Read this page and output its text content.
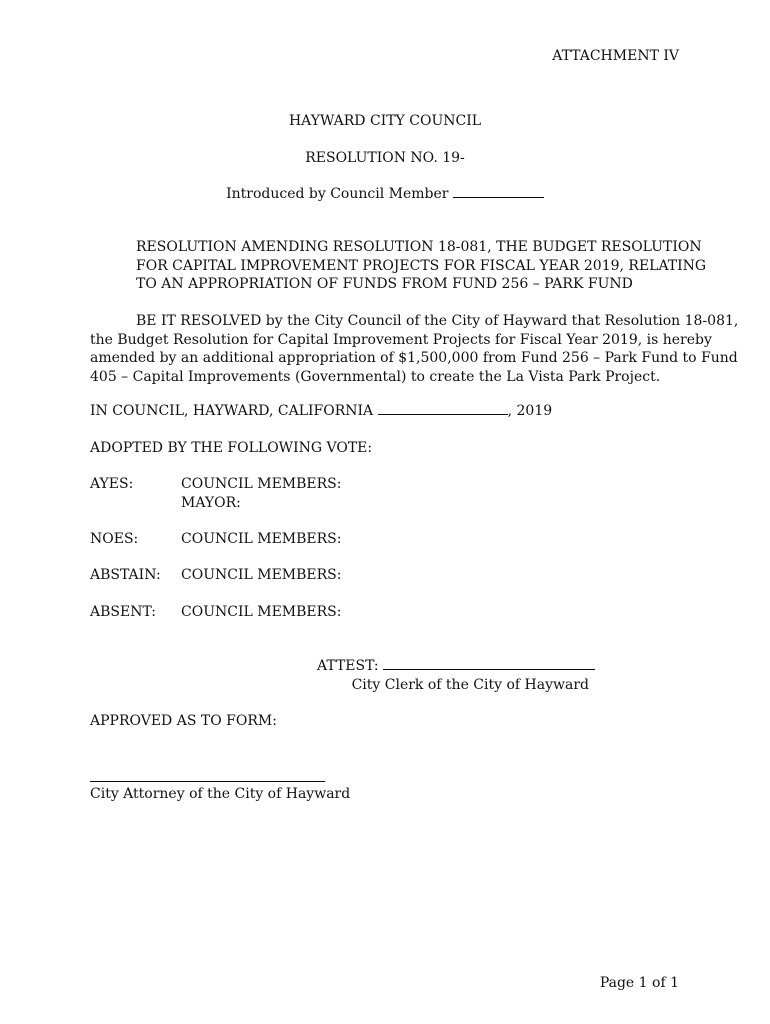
ATTACHMENT IV
HAYWARD CITY COUNCIL
RESOLUTION NO. 19-
Introduced by Council Member
RESOLUTION AMENDING RESOLUTION 18-081, THE BUDGET RESOLUTION
FOR CAPITAL IMPROVEMENT PROJECTS FOR FISCAL YEAR 2019, RELATING
TO AN APPROPRIATION OF FUNDS FROM FUND 256 – PARK FUND
BE IT RESOLVED by the City Council of the City of Hayward that Resolution 18-081,
the Budget Resolution for Capital Improvement Projects for Fiscal Year 2019, is hereby
amended by an additional appropriation of $1,500,000 from Fund 256 – Park Fund to Fund
405 – Capital Improvements (Governmental) to create the La Vista Park Project.
IN COUNCIL, HAYWARD, CALIFORNIA	, 2019
ADOPTED BY THE FOLLOWING VOTE:
AYES:	COUNCIL MEMBERS:
MAYOR:
NOES:	COUNCIL MEMBERS:
ABSTAIN: COUNCIL MEMBERS:
ABSENT: COUNCIL MEMBERS:
ATTEST:
City Clerk of the City of Hayward
APPROVED AS TO FORM:
City Attorney of the City of Hayward
Page 1 of 1
